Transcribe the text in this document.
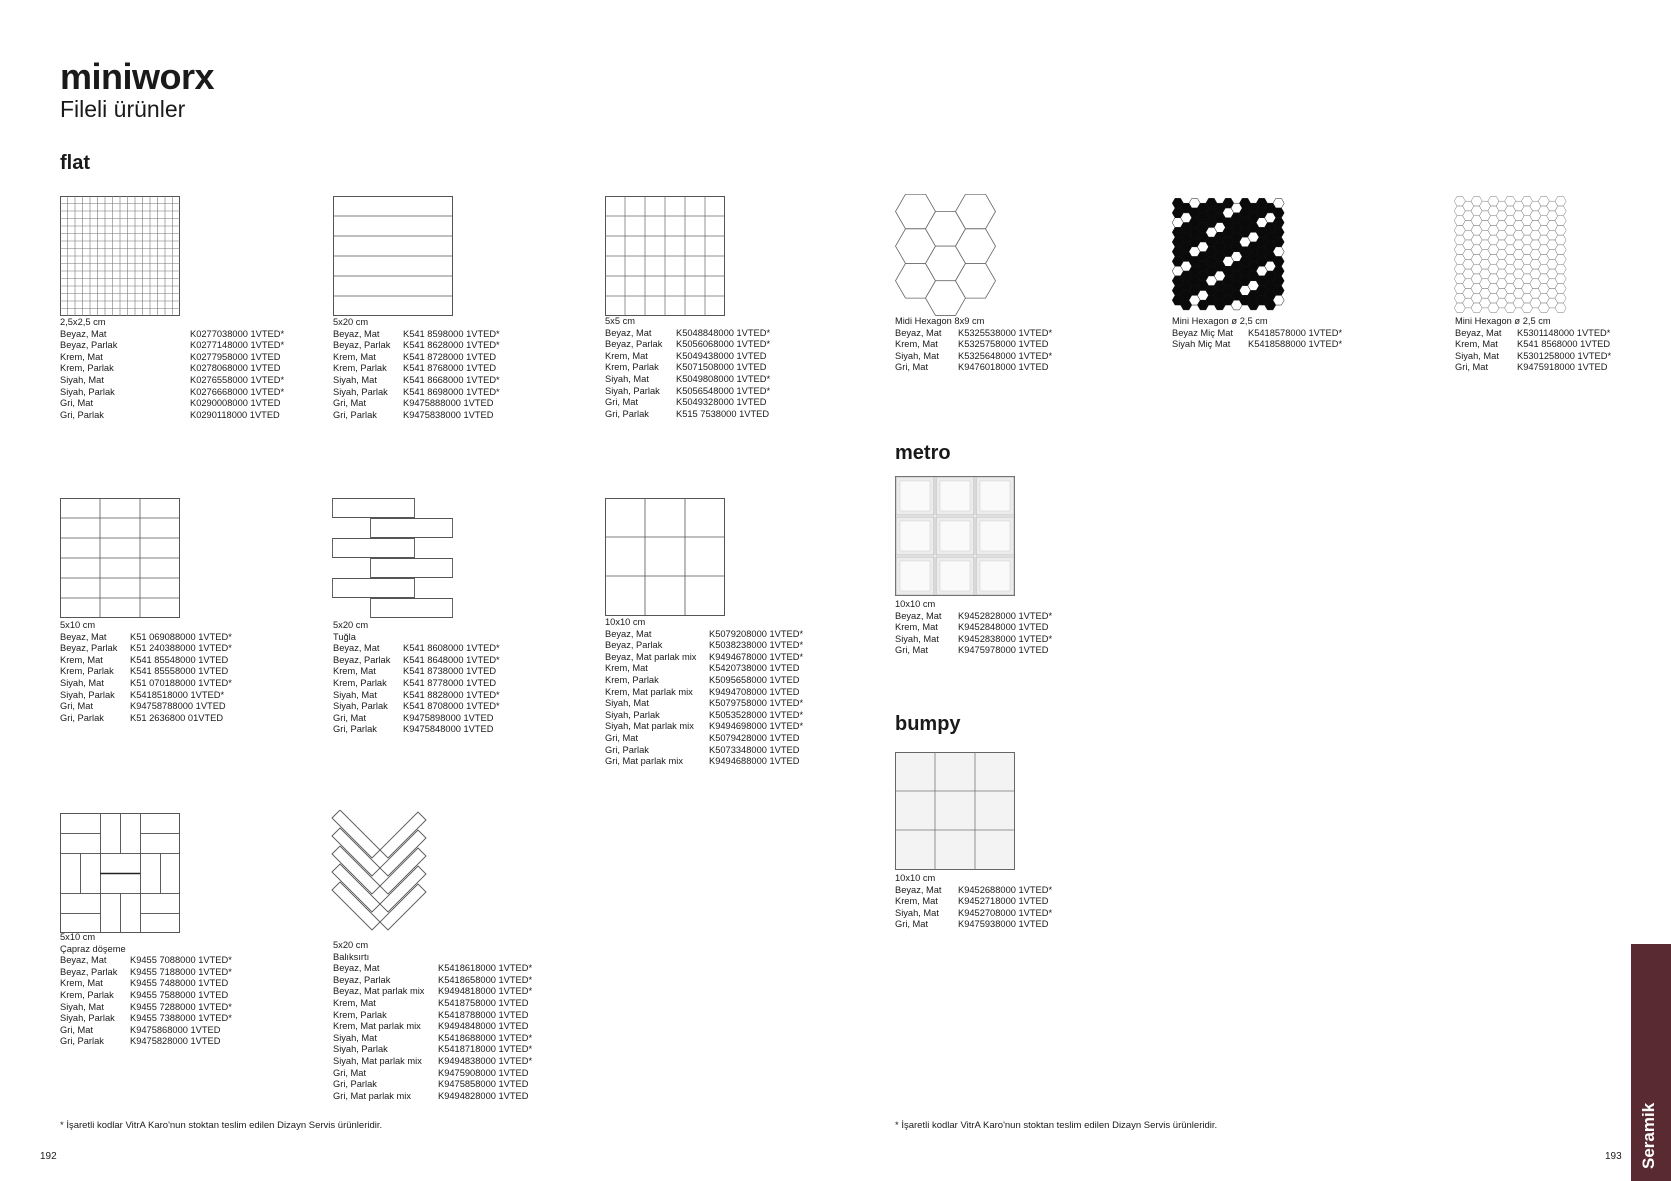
miniworx
Fileli ürünler
flat
metro
bumpy
2,5x2,5 cm
Beyaz, Mat	K0277038000 1VTED*
Beyaz, Parlak	K0277148000 1VTED*
Krem, Mat	K0277958000 1VTED
Krem, Parlak	K0278068000 1VTED
Siyah, Mat	K0276558000 1VTED*
Siyah, Parlak	K0276668000 1VTED*
Gri, Mat	K0290008000 1VTED
Gri, Parlak	K0290118000 1VTED
5x20 cm
Beyaz, Mat	K541 8598000 1VTED*
Beyaz, Parlak	K541 8628000 1VTED*
Krem, Mat	K541 8728000 1VTED
Krem, Parlak	K541 8768000 1VTED
Siyah, Mat	K541 8668000 1VTED*
Siyah, Parlak	K541 8698000 1VTED*
Gri, Mat	K9475888000 1VTED
Gri, Parlak	K9475838000 1VTED
5x5 cm
Beyaz, Mat	K5048848000 1VTED*
Beyaz, Parlak	K5056068000 1VTED*
Krem, Mat	K5049438000 1VTED
Krem, Parlak	K5071508000 1VTED
Siyah, Mat	K5049808000 1VTED*
Siyah, Parlak	K5056548000 1VTED*
Gri, Mat	K5049328000 1VTED
Gri, Parlak	K515 7538000 1VTED
Midi Hexagon 8x9 cm
Beyaz, Mat	K5325538000 1VTED*
Krem, Mat	K5325758000 1VTED
Siyah, Mat	K5325648000 1VTED*
Gri, Mat	K9476018000 1VTED
Mini Hexagon ø 2,5 cm
Beyaz Miç Mat	K5418578000 1VTED*
Siyah Miç Mat	K5418588000 1VTED*
Mini Hexagon ø 2,5 cm
Beyaz, Mat	K5301148000 1VTED*
Krem, Mat	K541 8568000 1VTED
Siyah, Mat	K5301258000 1VTED*
Gri, Mat	K9475918000 1VTED
5x10 cm
Beyaz, Mat	K51 069088000 1VTED*
Beyaz, Parlak	K51 240388000 1VTED*
Krem, Mat	K541 85548000 1VTED
Krem, Parlak	K541 85558000 1VTED
Siyah, Mat	K51 070188000 1VTED*
Siyah, Parlak	K5418518000 1VTED*
Gri, Mat	K94758788000 1VTED
Gri, Parlak	K51 2636800 01VTED
5x20 cm
Tuğla
Beyaz, Mat	K541 8608000 1VTED*
Beyaz, Parlak	K541 8648000 1VTED*
Krem, Mat	K541 8738000 1VTED
Krem, Parlak	K541 8778000 1VTED
Siyah, Mat	K541 8828000 1VTED*
Siyah, Parlak	K541 8708000 1VTED*
Gri, Mat	K9475898000 1VTED
Gri, Parlak	K9475848000 1VTED
10x10 cm
Beyaz, Mat	K5079208000 1VTED*
Beyaz, Parlak	K5038238000 1VTED*
Beyaz, Mat parlak mix	K9494678000 1VTED*
Krem, Mat	K5420738000 1VTED
Krem, Parlak	K5095658000 1VTED
Krem, Mat parlak mix	K9494708000 1VTED
Siyah, Mat	K5079758000 1VTED*
Siyah, Parlak	K5053528000 1VTED*
Siyah, Mat parlak mix	K9494698000 1VTED*
Gri, Mat	K5079428000 1VTED
Gri, Parlak	K5073348000 1VTED
Gri, Mat parlak mix	K9494688000 1VTED
10x10 cm
Beyaz, Mat	K9452828000 1VTED*
Krem, Mat	K9452848000 1VTED
Siyah, Mat	K9452838000 1VTED*
Gri, Mat	K9475978000 1VTED
10x10 cm
Beyaz, Mat	K9452688000 1VTED*
Krem, Mat	K9452718000 1VTED
Siyah, Mat	K9452708000 1VTED*
Gri, Mat	K9475938000 1VTED
5x10 cm
Çapraz döşeme
Beyaz, Mat	K9455 7088000 1VTED*
Beyaz, Parlak	K9455 7188000 1VTED*
Krem, Mat	K9455 7488000 1VTED
Krem, Parlak	K9455 7588000 1VTED
Siyah, Mat	K9455 7288000 1VTED*
Siyah, Parlak	K9455 7388000 1VTED*
Gri, Mat	K9475868000 1VTED
Gri, Parlak	K9475828000 1VTED
5x20 cm
Balıksırtı
Beyaz, Mat	K5418618000 1VTED*
Beyaz, Parlak	K5418658000 1VTED*
Beyaz, Mat parlak mix	K9494818000 1VTED*
Krem, Mat	K5418758000 1VTED
Krem, Parlak	K5418788000 1VTED
Krem, Mat parlak mix	K9494848000 1VTED
Siyah, Mat	K5418688000 1VTED*
Siyah, Parlak	K5418718000 1VTED*
Siyah, Mat parlak mix	K9494838000 1VTED*
Gri, Mat	K9475908000 1VTED
Gri, Parlak	K9475858000 1VTED
Gri, Mat parlak mix	K9494828000 1VTED
* İşaretli kodlar VitrA Karo'nun stoktan teslim edilen Dizayn Servis ürünleridir.	* İşaretli kodlar VitrA Karo'nun stoktan teslim edilen Dizayn Servis ürünleridir.
192	193 Seramik
